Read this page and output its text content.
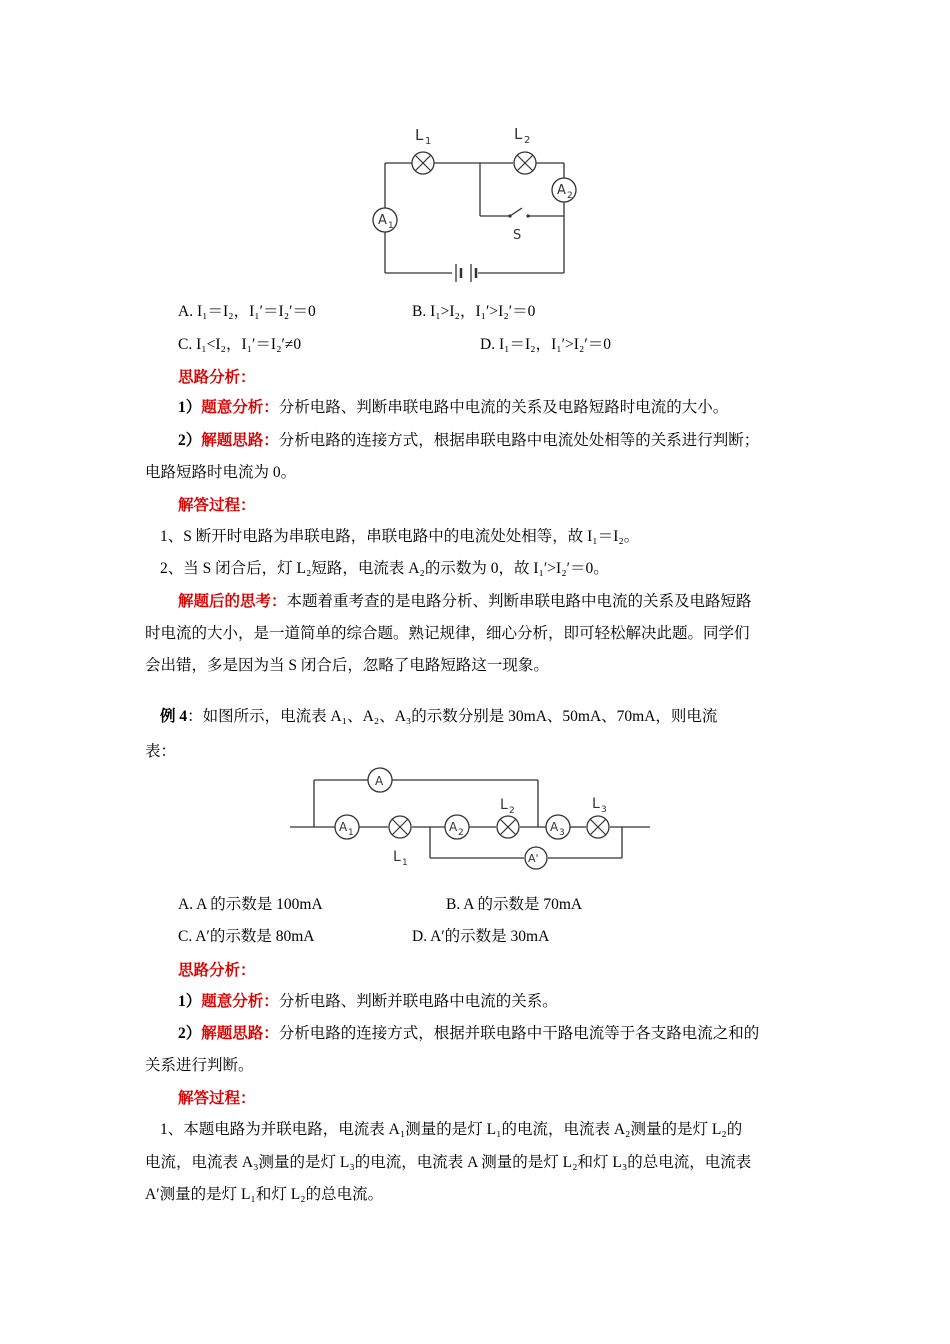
A 1
A 2
L 1	L 2
S
A. I₁＝I₂，I₁′＝I₂′＝0	B. I₁>I₂，I₁′>I₂′＝0
C. I₁<I₂，I₁′＝I₂′≠0	D. I₁＝I₂，I₁′>I₂′＝0
思路分析：
1）题意分析：分析电路、判断串联电路中电流的关系及电路短路时电流的大小。
2）解题思路：分析电路的连接方式，根据串联电路中电流处处相等的关系进行判断；
电路短路时电流为 0。
解答过程：
1、S 断开时电路为串联电路，串联电路中的电流处处相等，故 I₁＝I₂。
2、当 S 闭合后，灯 L₂短路，电流表 A₂的示数为 0，故 I₁′>I₂′＝0。
解题后的思考：本题着重考查的是电路分析、判断串联电路中电流的关系及电路短路
时电流的大小，是一道简单的综合题。熟记规律，细心分析，即可轻松解决此题。同学们
会出错，多是因为当 S 闭合后，忽略了电路短路这一现象。
例 4：如图所示，电流表 A₁、A₂、A₃的示数分别是 30mA、50mA、70mA，则电流
表：
A
A 1	A 2	A 3
A'
L 1
L 2	L 3
A. A 的示数是 100mA	B. A 的示数是 70mA
C. A′的示数是 80mA	D. A′的示数是 30mA
思路分析：
1）题意分析：分析电路、判断并联电路中电流的关系。
2）解题思路：分析电路的连接方式，根据并联电路中干路电流等于各支路电流之和的
关系进行判断。
解答过程：
1、本题电路为并联电路，电流表 A₁测量的是灯 L₁的电流，电流表 A₂测量的是灯 L₂的
电流，电流表 A₃测量的是灯 L₃的电流，电流表 A 测量的是灯 L₂和灯 L₃的总电流，电流表
A′测量的是灯 L₁和灯 L₂的总电流。
